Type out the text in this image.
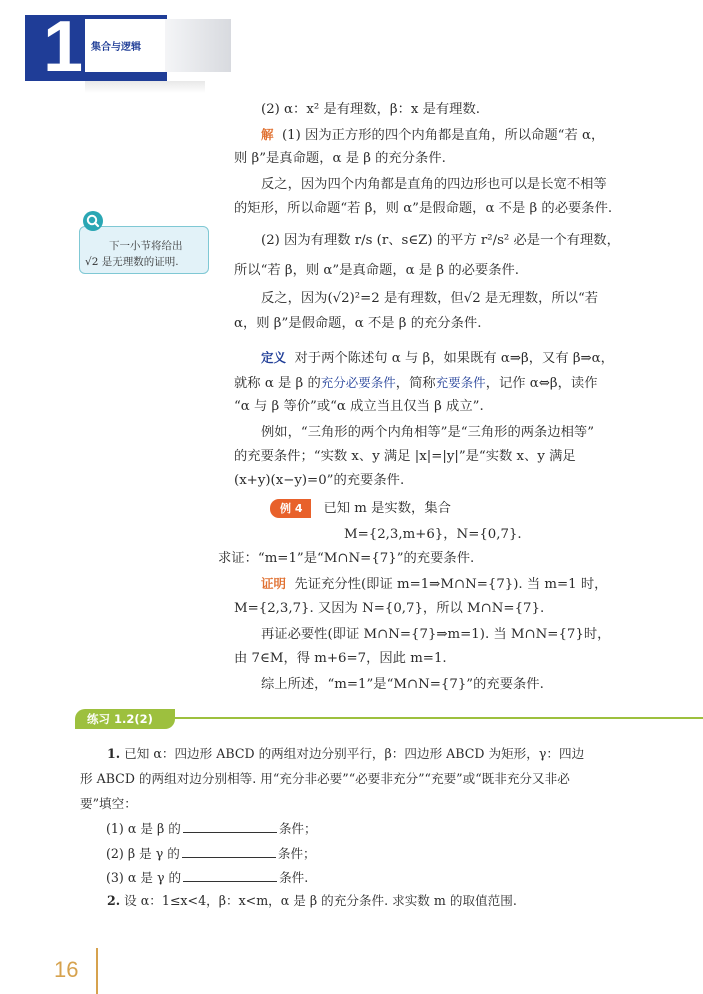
1 集合与逻辑
下一小节将给出
√2 是无理数的证明.
(2) α：x² 是有理数，β：x 是有理数.
解 (1) 因为正方形的四个内角都是直角，所以命题“若 α，
则 β”是真命题，α 是 β 的充分条件.
反之，因为四个内角都是直角的四边形也可以是长宽不相等
的矩形，所以命题“若 β，则 α”是假命题，α 不是 β 的必要条件.
(2) 因为有理数 r/s (r、s∈Z) 的平方 r²/s² 必是一个有理数，
所以“若 β，则 α”是真命题，α 是 β 的必要条件.
反之，因为(√2)²=2 是有理数，但√2 是无理数，所以“若
α，则 β”是假命题，α 不是 β 的充分条件.
定义 对于两个陈述句 α 与 β，如果既有 α⇒β，又有 β⇒α，
就称 α 是 β 的充分必要条件，简称充要条件，记作 α⇔β，读作
“α 与 β 等价”或“α 成立当且仅当 β 成立”.
例如，“三角形的两个内角相等”是“三角形的两条边相等”
的充要条件；“实数 x、y 满足 |x|=|y|”是“实数 x、y 满足
(x+y)(x−y)=0”的充要条件.
例 4 已知 m 是实数，集合
M={2,3,m+6}，N={0,7}.
求证：“m=1”是“M∩N={7}”的充要条件.
证明 先证充分性(即证 m=1⇒M∩N={7}). 当 m=1 时，
M={2,3,7}. 又因为 N={0,7}，所以 M∩N={7}.
再证必要性(即证 M∩N={7}⇒m=1). 当 M∩N={7}时，
由 7∈M，得 m+6=7，因此 m=1.
综上所述，“m=1”是“M∩N={7}”的充要条件.
练习 1.2(2)
1. 已知 α：四边形 ABCD 的两组对边分别平行，β：四边形 ABCD 为矩形，γ：四边
形 ABCD 的两组对边分别相等. 用“充分非必要”“必要非充分”“充要”或“既非充分又非必
要”填空：
(1) α 是 β 的	条件；
(2) β 是 γ 的	条件；
(3) α 是 γ 的	条件.
2. 设 α：1≤x<4，β：x<m，α 是 β 的充分条件. 求实数 m 的取值范围.
16
